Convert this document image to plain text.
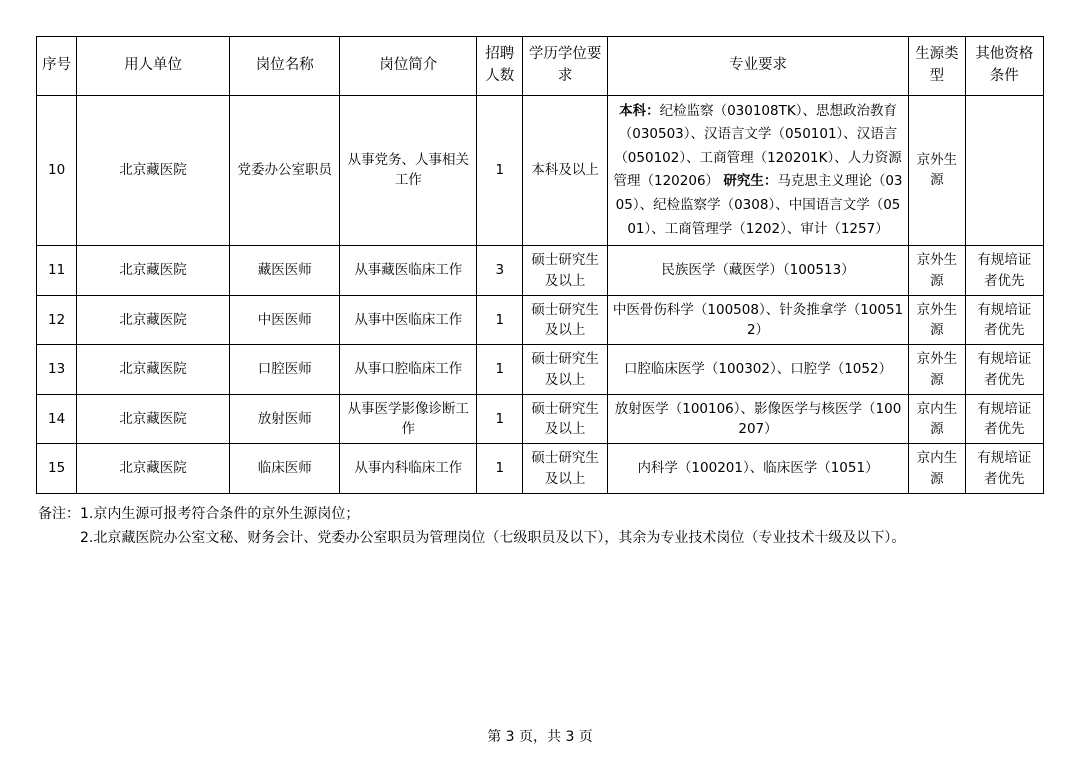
序号	用人单位	岗位名称	岗位简介	招聘人数	学历学位要求	专业要求	生源类型	其他资格条件
10	北京藏医院	党委办公室职员	从事党务、人事相关工作	1	本科及以上	本科：纪检监察（030108TK）、思想政治教育（030503）、汉语言文学（050101）、汉语言（050102）、工商管理（120201K）、人力资源管理（120206） 研究生：马克思主义理论（0305）、纪检监察学（0308）、中国语言文学（0501）、工商管理学（1202）、审计（1257）	京外生源	
11	北京藏医院	藏医医师	从事藏医临床工作	3	硕士研究生及以上	民族医学（藏医学）（100513）	京外生源	有规培证者优先
12	北京藏医院	中医医师	从事中医临床工作	1	硕士研究生及以上	中医骨伤科学（100508）、针灸推拿学（100512）	京外生源	有规培证者优先
13	北京藏医院	口腔医师	从事口腔临床工作	1	硕士研究生及以上	口腔临床医学（100302）、口腔学（1052）	京外生源	有规培证者优先
14	北京藏医院	放射医师	从事医学影像诊断工作	1	硕士研究生及以上	放射医学（100106）、影像医学与核医学（100207）	京内生源	有规培证者优先
15	北京藏医院	临床医师	从事内科临床工作	1	硕士研究生及以上	内科学（100201）、临床医学（1051）	京内生源	有规培证者优先
备注： 1. 京内生源可报考符合条件的京外生源岗位；
2. 北京藏医院办公室文秘、财务会计、党委办公室职员为管理岗位（七级职员及以下），其余为专业技术岗位（专业技术十级及以下）。
第 3 页，共 3 页
